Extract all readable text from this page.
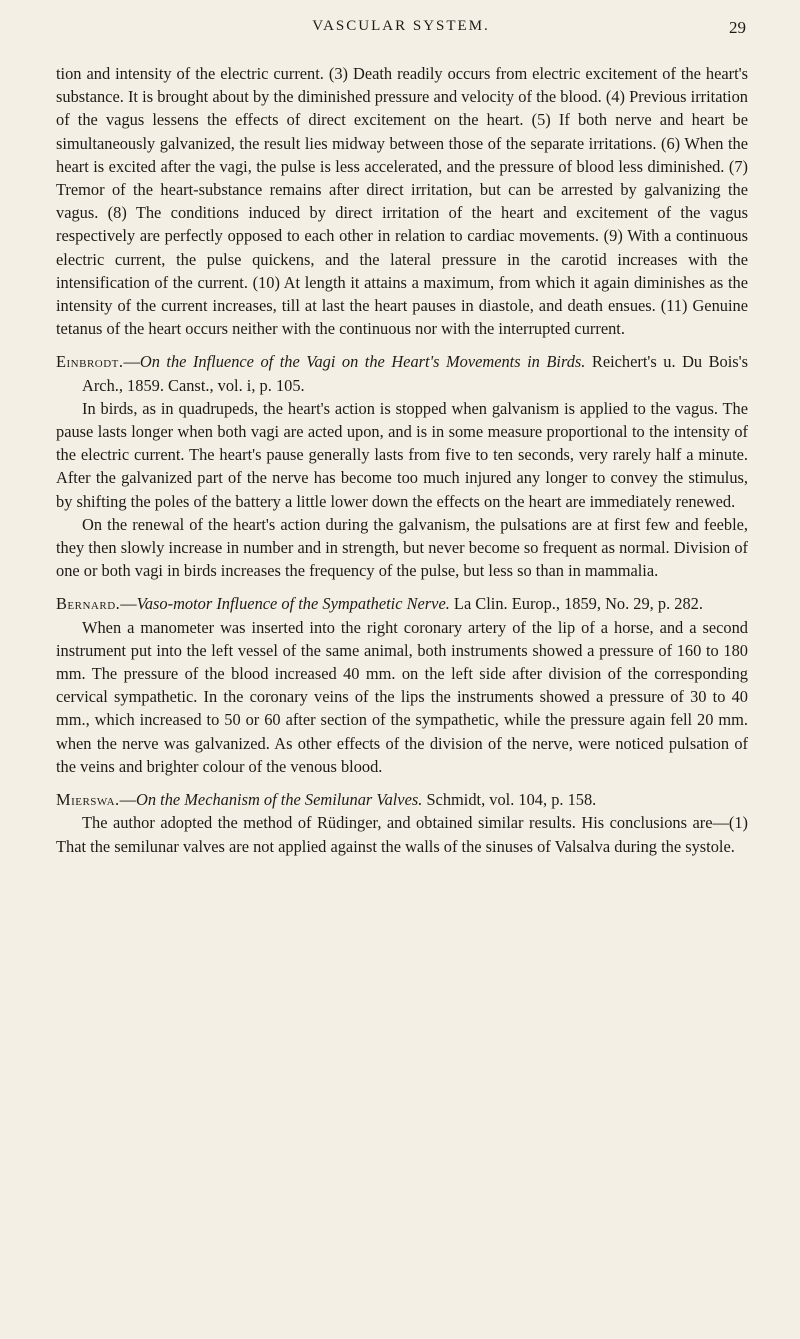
VASCULAR SYSTEM.	29

tion and intensity of the electric current. (3) Death readily occurs from electric excitement of the heart's substance. It is brought about by the diminished pressure and velocity of the blood. (4) Previous irritation of the vagus lessens the effects of direct excitement on the heart. (5) If both nerve and heart be simultaneously galvanized, the result lies midway between those of the separate irritations. (6) When the heart is excited after the vagi, the pulse is less accelerated, and the pressure of blood less diminished. (7) Tremor of the heart-substance remains after direct irritation, but can be arrested by galvanizing the vagus. (8) The conditions induced by direct irritation of the heart and excitement of the vagus respectively are perfectly opposed to each other in relation to cardiac movements. (9) With a continuous electric current, the pulse quickens, and the lateral pressure in the carotid increases with the intensification of the current. (10) At length it attains a maximum, from which it again diminishes as the intensity of the current increases, till at last the heart pauses in diastole, and death ensues. (11) Genuine tetanus of the heart occurs neither with the continuous nor with the interrupted current.

Einbrodt.—On the Influence of the Vagi on the Heart's Movements in Birds. Reichert's u. Du Bois's Arch., 1859. Canst., vol. i, p. 105.

In birds, as in quadrupeds, the heart's action is stopped when galvanism is applied to the vagus. The pause lasts longer when both vagi are acted upon, and is in some measure proportional to the intensity of the electric current. The heart's pause generally lasts from five to ten seconds, very rarely half a minute. After the galvanized part of the nerve has become too much injured any longer to convey the stimulus, by shifting the poles of the battery a little lower down the effects on the heart are immediately renewed.

On the renewal of the heart's action during the galvanism, the pulsations are at first few and feeble, they then slowly increase in number and in strength, but never become so frequent as normal. Division of one or both vagi in birds increases the frequency of the pulse, but less so than in mammalia.

Bernard.—Vaso-motor Influence of the Sympathetic Nerve. La Clin. Europ., 1859, No. 29, p. 282.

When a manometer was inserted into the right coronary artery of the lip of a horse, and a second instrument put into the left vessel of the same animal, both instruments showed a pressure of 160 to 180 mm. The pressure of the blood increased 40 mm. on the left side after division of the corresponding cervical sympathetic. In the coronary veins of the lips the instruments showed a pressure of 30 to 40 mm., which increased to 50 or 60 after section of the sympathetic, while the pressure again fell 20 mm. when the nerve was galvanized. As other effects of the division of the nerve, were noticed pulsation of the veins and brighter colour of the venous blood.

Mierswa.—On the Mechanism of the Semilunar Valves. Schmidt, vol. 104, p. 158.

The author adopted the method of Rüdinger, and obtained similar results. His conclusions are—(1) That the semilunar valves are not applied against the walls of the sinuses of Valsalva during the systole.
